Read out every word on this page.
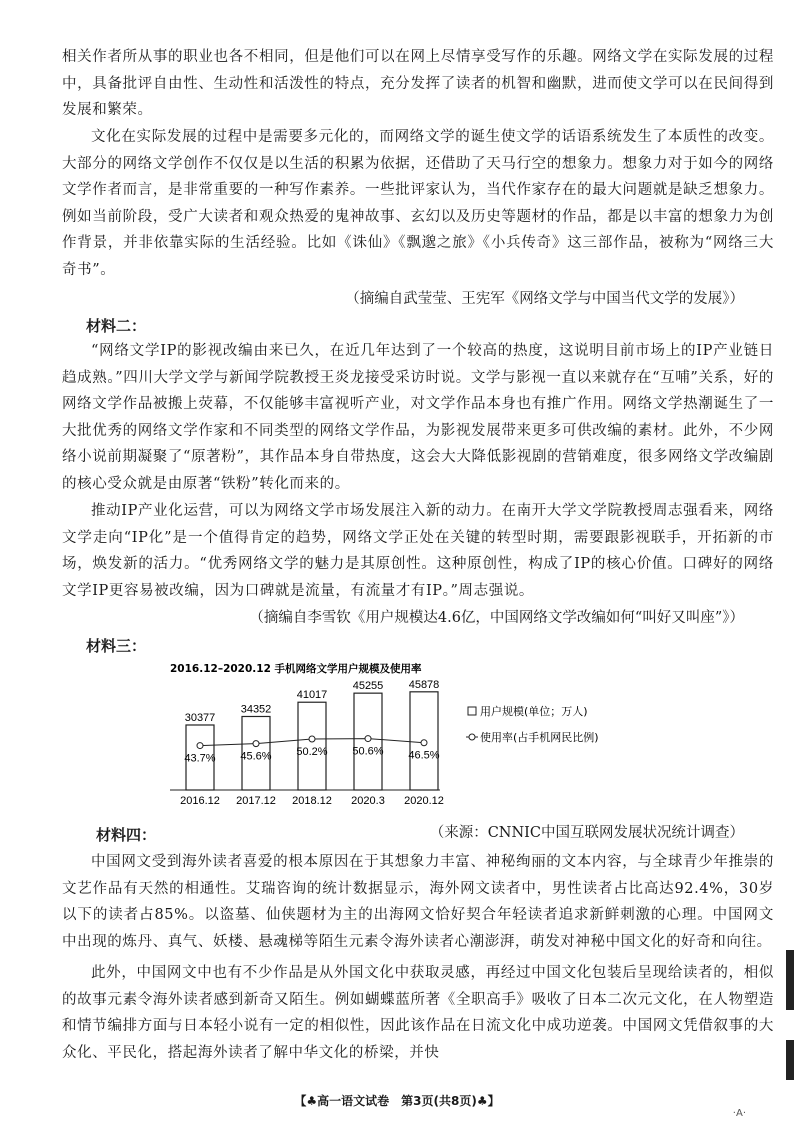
相关作者所从事的职业也各不相同，但是他们可以在网上尽情享受写作的乐趣。网络文学在实际发展的过程中，具备批评自由性、生动性和活泼性的特点，充分发挥了读者的机智和幽默，进而使文学可以在民间得到发展和繁荣。
文化在实际发展的过程中是需要多元化的，而网络文学的诞生使文学的话语系统发生了本质性的改变。大部分的网络文学创作不仅仅是以生活的积累为依据，还借助了天马行空的想象力。想象力对于如今的网络文学作者而言，是非常重要的一种写作素养。一些批评家认为，当代作家存在的最大问题就是缺乏想象力。例如当前阶段，受广大读者和观众热爱的鬼神故事、玄幻以及历史等题材的作品，都是以丰富的想象力为创作背景，并非依靠实际的生活经验。比如《诛仙》《飘邈之旅》《小兵传奇》这三部作品，被称为“网络三大奇书”。
（摘编自武莹莹、王宪军《网络文学与中国当代文学的发展》）
材料二：
“网络文学IP的影视改编由来已久，在近几年达到了一个较高的热度，这说明目前市场上的IP产业链日趋成熟。”四川大学文学与新闻学院教授王炎龙接受采访时说。文学与影视一直以来就存在“互哺”关系，好的网络文学作品被搬上荧幕，不仅能够丰富视听产业，对文学作品本身也有推广作用。网络文学热潮诞生了一大批优秀的网络文学作家和不同类型的网络文学作品，为影视发展带来更多可供改编的素材。此外，不少网络小说前期凝聚了“原著粉”，其作品本身自带热度，这会大大降低影视剧的营销难度，很多网络文学改编剧的核心受众就是由原著“铁粉”转化而来的。
推动IP产业化运营，可以为网络文学市场发展注入新的动力。在南开大学文学院教授周志强看来，网络文学走向“IP化”是一个值得肯定的趋势，网络文学正处在关键的转型时期，需要跟影视联手，开拓新的市场，焕发新的活力。“优秀网络文学的魅力是其原创性。这种原创性，构成了IP的核心价值。口碑好的网络文学IP更容易被改编，因为口碑就是流量，有流量才有IP。”周志强说。
（摘编自李雪钦《用户规模达4.6亿，中国网络文学改编如何“叫好又叫座”》）
材料三：
2016.12–2020.12 手机网络文学用户规模及使用率
30377
2016.12
34352
2017.12
41017
2018.12
45255
2020.3
45878
2020.12
43.7% 45.6% 50.2% 50.6% 46.5%
用户规模(单位；万人)
使用率(占手机网民比例)
（来源：CNNIC中国互联网发展状况统计调查）
材料四：
中国网文受到海外读者喜爱的根本原因在于其想象力丰富、神秘绚丽的文本内容，与全球青少年推崇的文艺作品有天然的相通性。艾瑞咨询的统计数据显示，海外网文读者中，男性读者占比高达92.4%，30岁以下的读者占85%。以盗墓、仙侠题材为主的出海网文恰好契合年轻读者追求新鲜刺激的心理。中国网文中出现的炼丹、真气、妖楼、悬魂梯等陌生元素令海外读者心潮澎湃，萌发对神秘中国文化的好奇和向往。
此外，中国网文中也有不少作品是从外国文化中获取灵感，再经过中国文化包装后呈现给读者的，相似的故事元素令海外读者感到新奇又陌生。例如蝴蝶蓝所著《全职高手》吸收了日本二次元文化，在人物塑造和情节编排方面与日本轻小说有一定的相似性，因此该作品在日流文化中成功逆袭。中国网文凭借叙事的大众化、平民化，搭起海外读者了解中华文化的桥梁，并快
【♣高一语文试卷　第3页(共8页)♣】
·A·
